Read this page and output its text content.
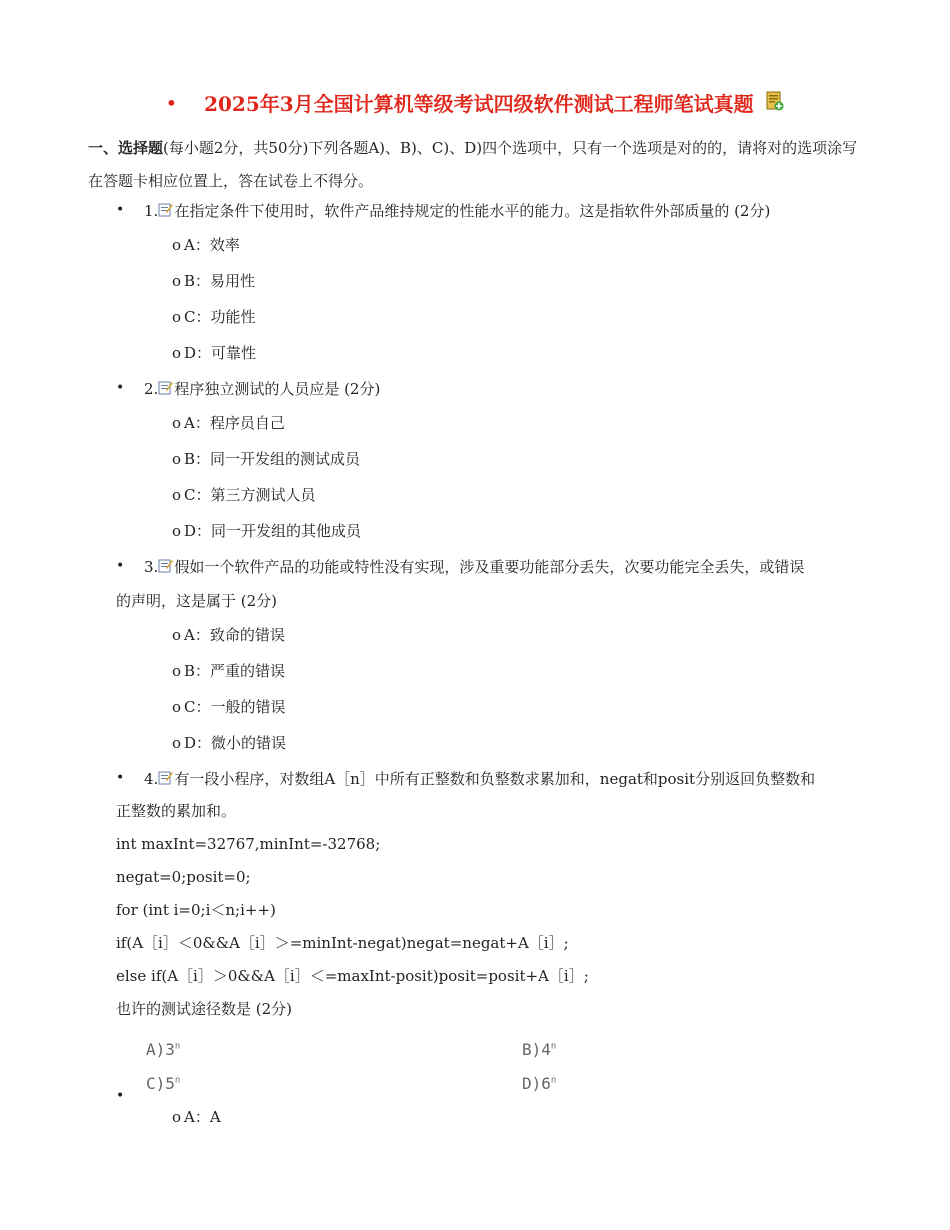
• 2025年3月全国计算机等级考试四级软件测试工程师笔试真题
一、选择题(每小题2分，共50分)下列各题A)、B)、C)、D)四个选项中，只有一个选项是对的的，请将对的选项涂写在答题卡相应位置上，答在试卷上不得分。
• 1. 在指定条件下使用时，软件产品维持规定的性能水平的能力。这是指软件外部质量的 (2分)
o A：效率
o B：易用性
o C：功能性
o D：可靠性
• 2. 程序独立测试的人员应是 (2分)
o A：程序员自己
o B：同一开发组的测试成员
o C：第三方测试人员
o D：同一开发组的其他成员
• 3. 假如一个软件产品的功能或特性没有实现，涉及重要功能部分丢失，次要功能完全丢失，或错误
的声明，这是属于 (2分)
o A：致命的错误
o B：严重的错误
o C：一般的错误
o D：微小的错误
• 4. 有一段小程序，对数组A［n］中所有正整数和负整数求累加和，negat和posit分别返回负整数和
正整数的累加和。
int maxInt=32767,minInt=-32768;
negat=0;posit=0;
for (int i=0;i＜n;i++)
if(A［i］＜0&&A［i］＞=minInt-negat)negat=negat+A［i］;
else if(A［i］＞0&&A［i］＜=maxInt-posit)posit=posit+A［i］;
也许的测试途径数是 (2分)
A)3$^n$	B)4$^n$
C)5$^n$	D)6$^n$
•
o A：A
